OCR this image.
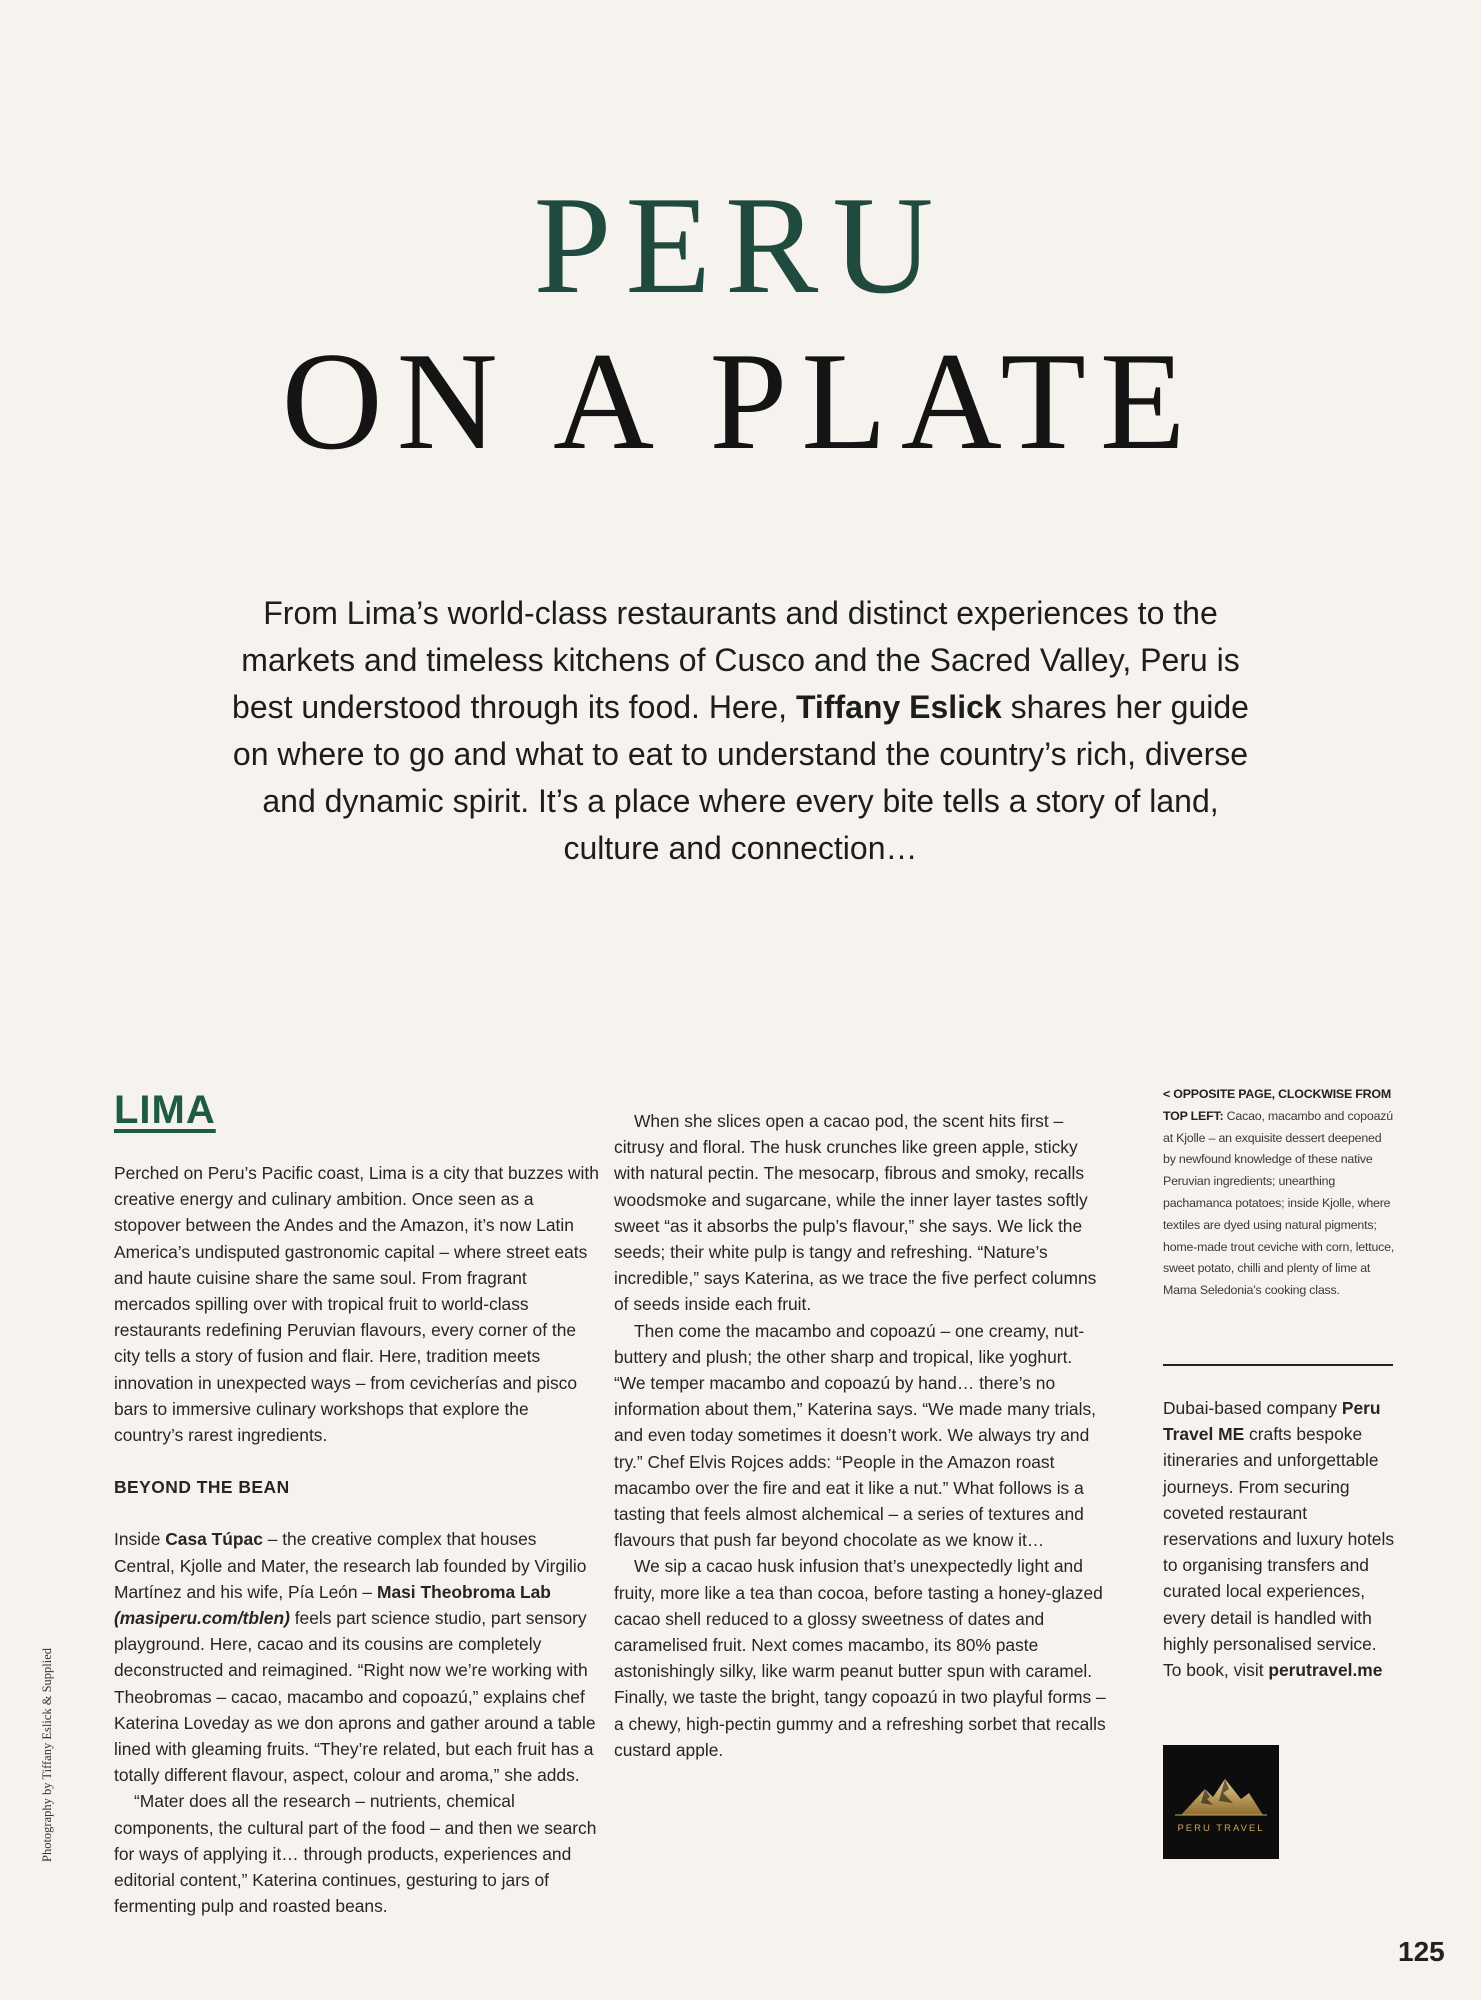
PERU
ON A PLATE
From Lima’s world-class restaurants and distinct experiences to the markets and timeless kitchens of Cusco and the Sacred Valley, Peru is best understood through its food. Here, Tiffany Eslick shares her guide on where to go and what to eat to understand the country’s rich, diverse and dynamic spirit. It’s a place where every bite tells a story of land, culture and connection…
LIMA

Perched on Peru’s Pacific coast, Lima is a city that buzzes with creative energy and culinary ambition. Once seen as a stopover between the Andes and the Amazon, it’s now Latin America’s undisputed gastronomic capital – where street eats and haute cuisine share the same soul. From fragrant mercados spilling over with tropical fruit to world-class restaurants redefining Peruvian flavours, every corner of the city tells a story of fusion and flair. Here, tradition meets innovation in unexpected ways – from cevicherías and pisco bars to immersive culinary workshops that explore the country’s rarest ingredients.

BEYOND THE BEAN

Inside Casa Túpac – the creative complex that houses Central, Kjolle and Mater, the research lab founded by Virgilio Martínez and his wife, Pía León – Masi Theobroma Lab (masiperu.com/tblen) feels part science studio, part sensory playground. Here, cacao and its cousins are completely deconstructed and reimagined. “Right now we’re working with Theobromas – cacao, macambo and copoazú,” explains chef Katerina Loveday as we don aprons and gather around a table lined with gleaming fruits. “They’re related, but each fruit has a totally different flavour, aspect, colour and aroma,” she adds.

“Mater does all the research – nutrients, chemical components, the cultural part of the food – and then we search for ways of applying it… through products, experiences and editorial content,” Katerina continues, gesturing to jars of fermenting pulp and roasted beans.

When she slices open a cacao pod, the scent hits first – citrusy and floral. The husk crunches like green apple, sticky with natural pectin. The mesocarp, fibrous and smoky, recalls woodsmoke and sugarcane, while the inner layer tastes softly sweet “as it absorbs the pulp’s flavour,” she says. We lick the seeds; their white pulp is tangy and refreshing. “Nature’s incredible,” says Katerina, as we trace the five perfect columns of seeds inside each fruit.

Then come the macambo and copoazú – one creamy, nut-buttery and plush; the other sharp and tropical, like yoghurt. “We temper macambo and copoazú by hand… there’s no information about them,” Katerina says. “We made many trials, and even today sometimes it doesn’t work. We always try and try.” Chef Elvis Rojces adds: “People in the Amazon roast macambo over the fire and eat it like a nut.” What follows is a tasting that feels almost alchemical – a series of textures and flavours that push far beyond chocolate as we know it…

We sip a cacao husk infusion that’s unexpectedly light and fruity, more like a tea than cocoa, before tasting a honey-glazed cacao shell reduced to a glossy sweetness of dates and caramelised fruit. Next comes macambo, its 80% paste astonishingly silky, like warm peanut butter spun with caramel. Finally, we taste the bright, tangy copoazú in two playful forms – a chewy, high-pectin gummy and a refreshing sorbet that recalls custard apple.

< OPPOSITE PAGE, CLOCKWISE FROM TOP LEFT: Cacao, macambo and copoazú at Kjolle – an exquisite dessert deepened by newfound knowledge of these native Peruvian ingredients; unearthing pachamanca potatoes; inside Kjolle, where textiles are dyed using natural pigments; home-made trout ceviche with corn, lettuce, sweet potato, chilli and plenty of lime at Mama Seledonia’s cooking class.
Dubai-based company Peru Travel ME crafts bespoke itineraries and unforgettable journeys. From securing coveted restaurant reservations and luxury hotels to organising transfers and curated local experiences, every detail is handled with highly personalised service. To book, visit perutravel.me
PERU TRAVEL
Photography by Tiffany Eslick & Supplied
125
